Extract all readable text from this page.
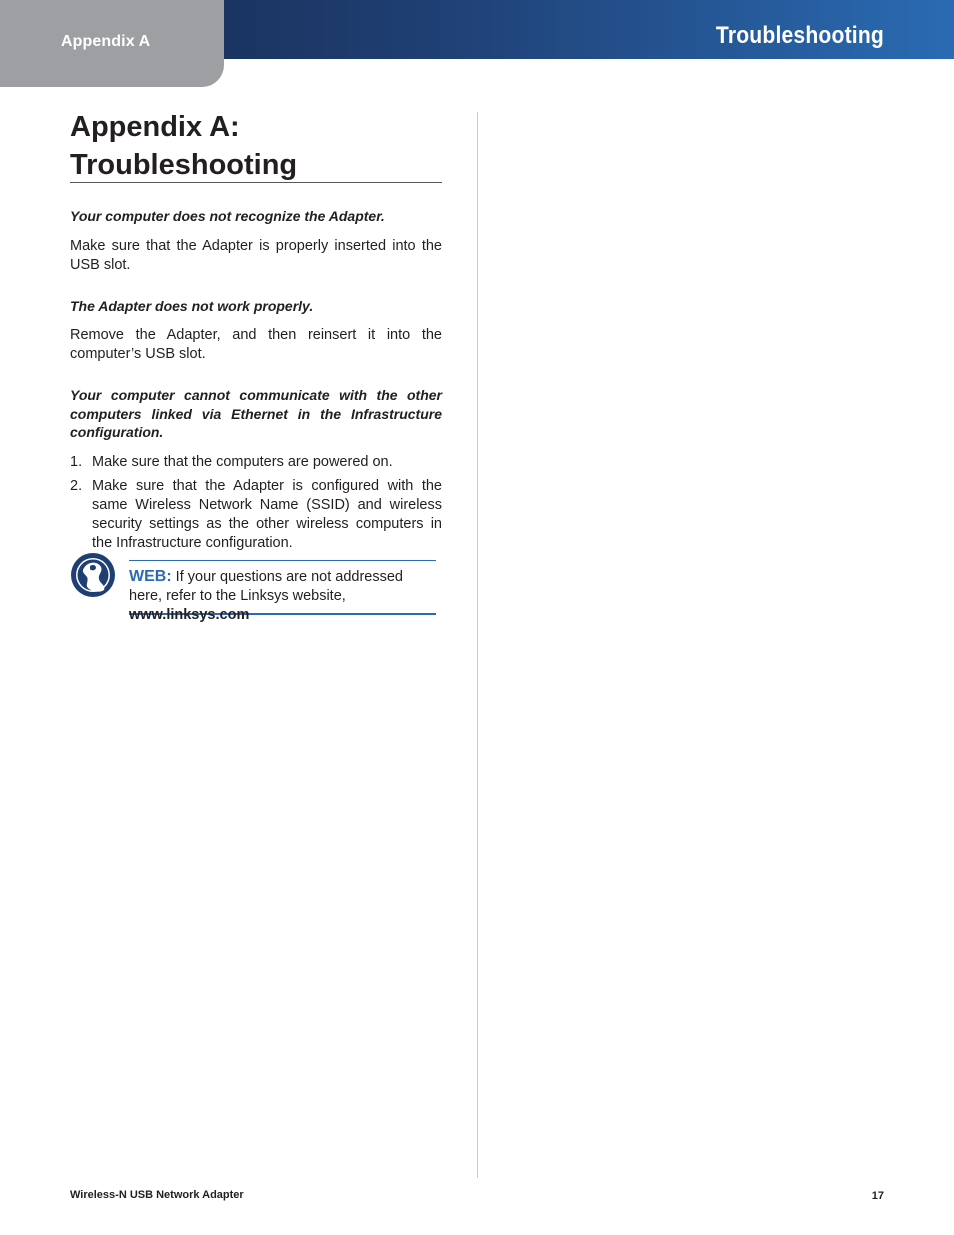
Appendix A	Troubleshooting
Appendix A:
Troubleshooting

Your computer does not recognize the Adapter.

Make sure that the Adapter is properly inserted into the USB slot.

The Adapter does not work properly.

Remove the Adapter, and then reinsert it into the computer’s USB slot.

Your computer cannot communicate with the other computers linked via Ethernet in the Infrastructure configuration.

1. Make sure that the computers are powered on.
2. Make sure that the Adapter is configured with the same Wireless Network Name (SSID) and wireless security settings as the other wireless computers in the Infrastructure configuration.

WEB: If your questions are not addressed here, refer to the Linksys website, www.linksys.com

Wireless-N USB Network Adapter	17
